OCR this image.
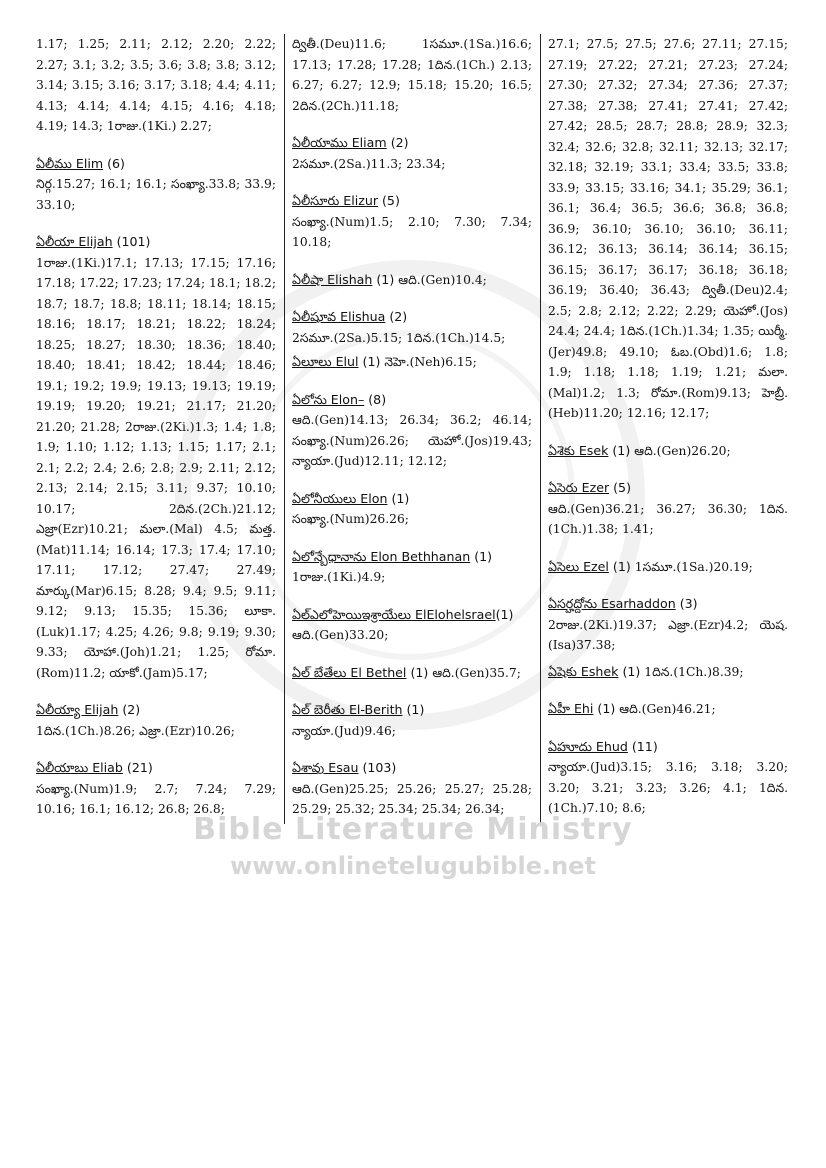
1.17; 1.25; 2.11; 2.12; 2.20; 2.22; 2.27; 3.1; 3.2; 3.5; 3.6; 3.8; 3.8; 3.12; 3.14; 3.15; 3.16; 3.17; 3.18; 4.4; 4.11; 4.13; 4.14; 4.14; 4.15; 4.16; 4.18; 4.19; 14.3; 1రాజు.(1Ki.) 2.27;
ఏలీము Elim (6)
నిర్గ.15.27; 16.1; 16.1; సంఖ్యా.33.8; 33.9; 33.10;
ఏలీయా Elijah (101)
1రాజు.(1Ki.)17.1; 17.13; 17.15; 17.16; 17.18; 17.22; 17.23; 17.24; 18.1; 18.2; 18.7; 18.7; 18.8; 18.11; 18.14; 18.15; 18.16; 18.17; 18.21; 18.22; 18.24; 18.25; 18.27; 18.30; 18.36; 18.40; 18.40; 18.41; 18.42; 18.44; 18.46; 19.1; 19.2; 19.9; 19.13; 19.13; 19.19; 19.19; 19.20; 19.21; 21.17; 21.20; 21.20; 21.28; 2రాజు.(2Ki.)1.3; 1.4; 1.8; 1.9; 1.10; 1.12; 1.13; 1.15; 1.17; 2.1; 2.1; 2.2; 2.4; 2.6; 2.8; 2.9; 2.11; 2.12; 2.13; 2.14; 2.15; 3.11; 9.37; 10.10; 10.17; 2దిన.(2Ch.)21.12; ఎజ్రా(Ezr)10.21; మలా.(Mal) 4.5; మత్త.(Mat)11.14; 16.14; 17.3; 17.4; 17.10; 17.11; 17.12; 27.47; 27.49; మార్కు(Mar)6.15; 8.28; 9.4; 9.5; 9.11; 9.12; 9.13; 15.35; 15.36; లూకా.(Luk)1.17; 4.25; 4.26; 9.8; 9.19; 9.30; 9.33; యోహా.(Joh)1.21; 1.25; రోమా.(Rom)11.2; యాకో.(Jam)5.17;
ఏలీయ్యా Elijah (2)
1దిన.(1Ch.)8.26; ఎజ్రా.(Ezr)10.26;
ఏలీయాబు Eliab (21)
సంఖ్యా.(Num)1.9; 2.7; 7.24; 7.29; 10.16; 16.1; 16.12; 26.8; 26.8;
ద్వితీ.(Deu)11.6; 1సమూ.(1Sa.)16.6; 17.13; 17.28; 17.28; 1దిన.(1Ch.) 2.13; 6.27; 6.27; 12.9; 15.18; 15.20; 16.5; 2దిన.(2Ch.)11.18;
ఏలీయాము Eliam (2)
2సమూ.(2Sa.)11.3; 23.34;
ఏలీసూరు Elizur (5)
సంఖ్యా.(Num)1.5; 2.10; 7.30; 7.34; 10.18;
ఏలీషా Elishah (1) ఆది.(Gen)10.4;
ఏలీషూవ Elishua (2)
2సమూ.(2Sa.)5.15; 1దిన.(1Ch.)14.5;
ఏలూలు Elul (1) నెహె.(Neh)6.15;
ఏలోను Elon– (8)
ఆది.(Gen)14.13; 26.34; 36.2; 46.14; సంఖ్యా.(Num)26.26; యెహో.(Jos)19.43; న్యాయా.(Jud)12.11; 12.12;
ఏలోనీయులు Elon (1)
సంఖ్యా.(Num)26.26;
ఏలోన్బేధానాను Elon Bethhanan (1)
1రాజు.(1Ki.)4.9;
ఏల్ఎలోహెయిఇశ్రాయేలు ElElohelsrael(1)
ఆది.(Gen)33.20;
ఏల్ బేతేలు El Bethel (1) ఆది.(Gen)35.7;
ఏల్ బెరీతు El-Berith (1)
న్యాయా.(Jud)9.46;
ఏశావు Esau (103)
ఆది.(Gen)25.25; 25.26; 25.27; 25.28; 25.29; 25.32; 25.34; 25.34; 26.34;
27.1; 27.5; 27.5; 27.6; 27.11; 27.15; 27.19; 27.22; 27.21; 27.23; 27.24; 27.30; 27.32; 27.34; 27.36; 27.37; 27.38; 27.38; 27.41; 27.41; 27.42; 27.42; 28.5; 28.7; 28.8; 28.9; 32.3; 32.4; 32.6; 32.8; 32.11; 32.13; 32.17; 32.18; 32.19; 33.1; 33.4; 33.5; 33.8; 33.9; 33.15; 33.16; 34.1; 35.29; 36.1; 36.1; 36.4; 36.5; 36.6; 36.8; 36.8; 36.9; 36.10; 36.10; 36.10; 36.11; 36.12; 36.13; 36.14; 36.14; 36.15; 36.15; 36.17; 36.17; 36.18; 36.18; 36.19; 36.40; 36.43; ద్వితీ.(Deu)2.4; 2.5; 2.8; 2.12; 2.22; 2.29; యెహో.(Jos) 24.4; 24.4; 1దిన.(1Ch.)1.34; 1.35; యిర్మీ.(Jer)49.8; 49.10; ఓబ.(Obd)1.6; 1.8; 1.9; 1.18; 1.18; 1.19; 1.21; మలా.(Mal)1.2; 1.3; రోమా.(Rom)9.13; హెబ్రీ.(Heb)11.20; 12.16; 12.17;
ఏశెకు Esek (1) ఆది.(Gen)26.20;
ఏసెరు Ezer (5)
ఆది.(Gen)36.21; 36.27; 36.30; 1దిన.(1Ch.)1.38; 1.41;
ఏసెలు Ezel (1) 1సమూ.(1Sa.)20.19;
ఏసర్హద్దోను Esarhaddon (3)
2రాజు.(2Ki.)19.37; ఎజ్రా.(Ezr)4.2; యెష.(Isa)37.38;
ఏషెకు Eshek (1) 1దిన.(1Ch.)8.39;
ఏహీ Ehi (1) ఆది.(Gen)46.21;
ఏహూదు Ehud (11)
న్యాయా.(Jud)3.15; 3.16; 3.18; 3.20; 3.20; 3.21; 3.23; 3.26; 4.1; 1దిన.(1Ch.)7.10; 8.6;
Bible Literature Ministry
www.onlinetelugubible.net
